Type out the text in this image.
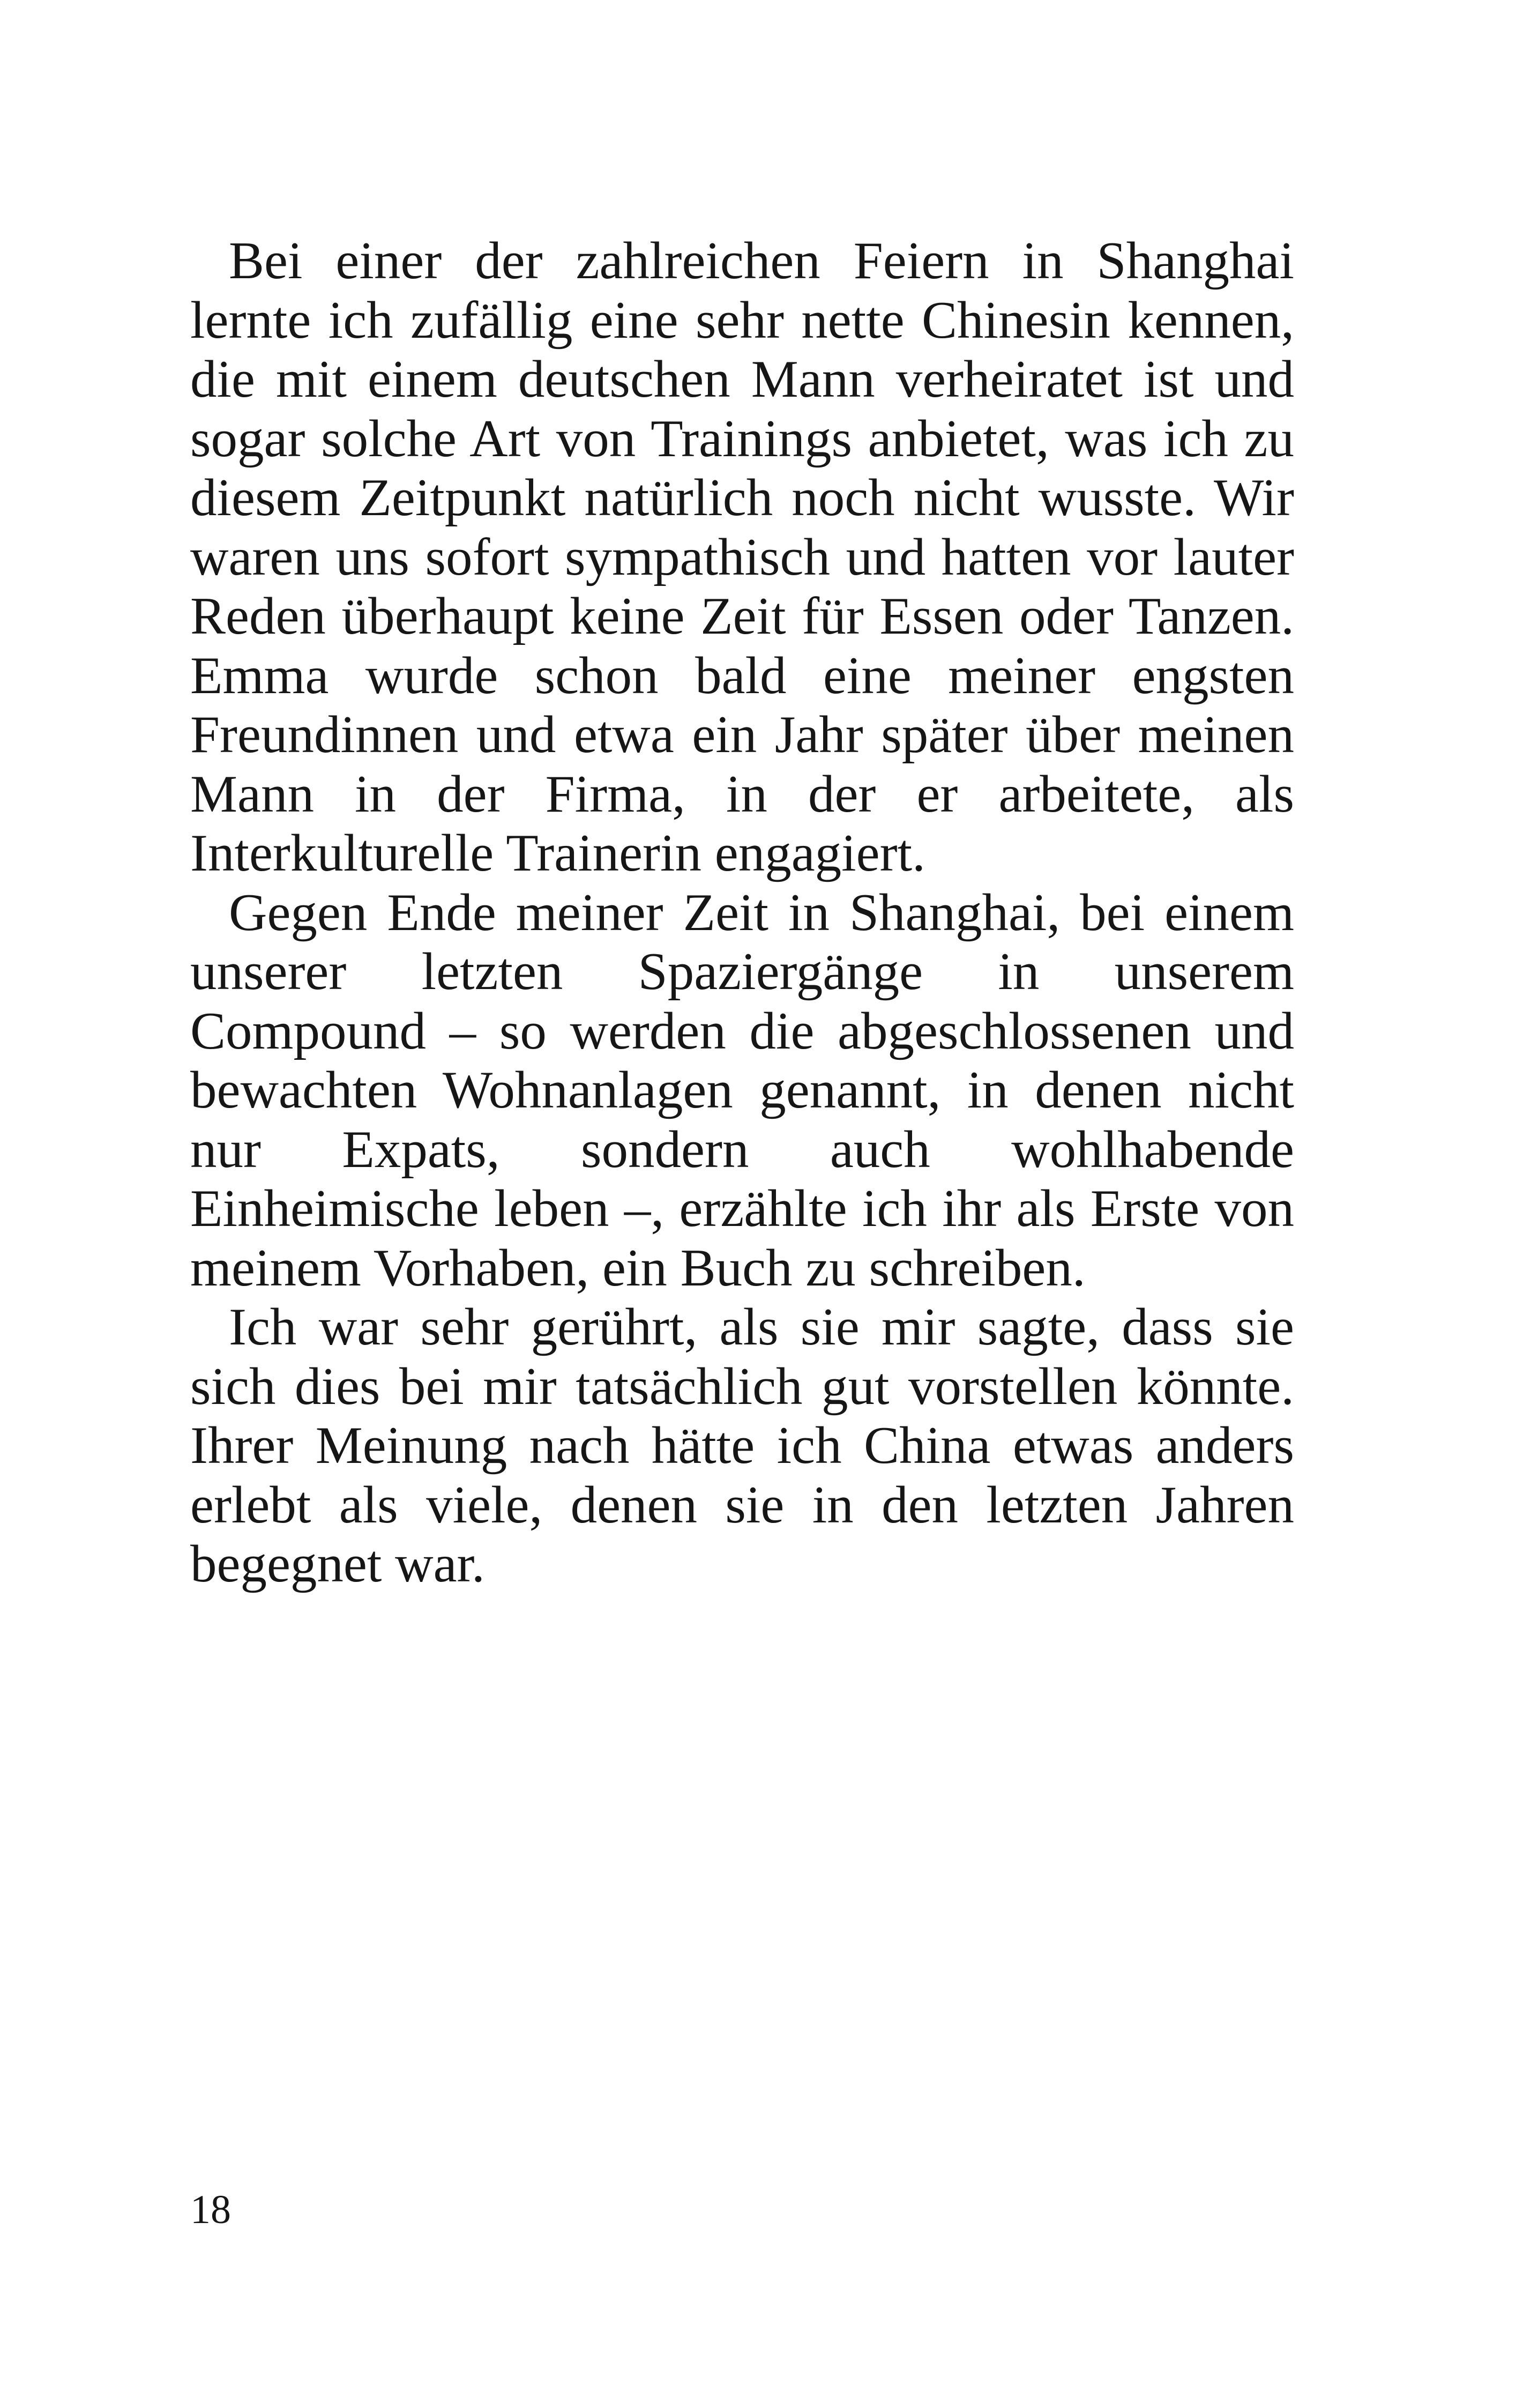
Bei einer der zahlreichen Feiern in Shanghai lernte ich zufällig eine sehr nette Chinesin kennen, die mit einem deutschen Mann verheiratet ist und sogar solche Art von Trainings anbietet, was ich zu diesem Zeitpunkt natürlich noch nicht wusste. Wir waren uns sofort sympathisch und hatten vor lauter Reden überhaupt keine Zeit für Essen oder Tanzen. Emma wurde schon bald eine meiner engsten Freundinnen und etwa ein Jahr später über meinen Mann in der Firma, in der er arbeitete, als Interkulturelle Trainerin engagiert.

Gegen Ende meiner Zeit in Shanghai, bei einem unserer letzten Spaziergänge in unserem Compound – so werden die abgeschlossenen und bewachten Wohnanlagen genannt, in denen nicht nur Expats, sondern auch wohlhabende Einheimische leben –, erzählte ich ihr als Erste von meinem Vorhaben, ein Buch zu schreiben.

Ich war sehr gerührt, als sie mir sagte, dass sie sich dies bei mir tatsächlich gut vorstellen könnte. Ihrer Meinung nach hätte ich China etwas anders erlebt als viele, denen sie in den letzten Jahren begegnet war.

18
